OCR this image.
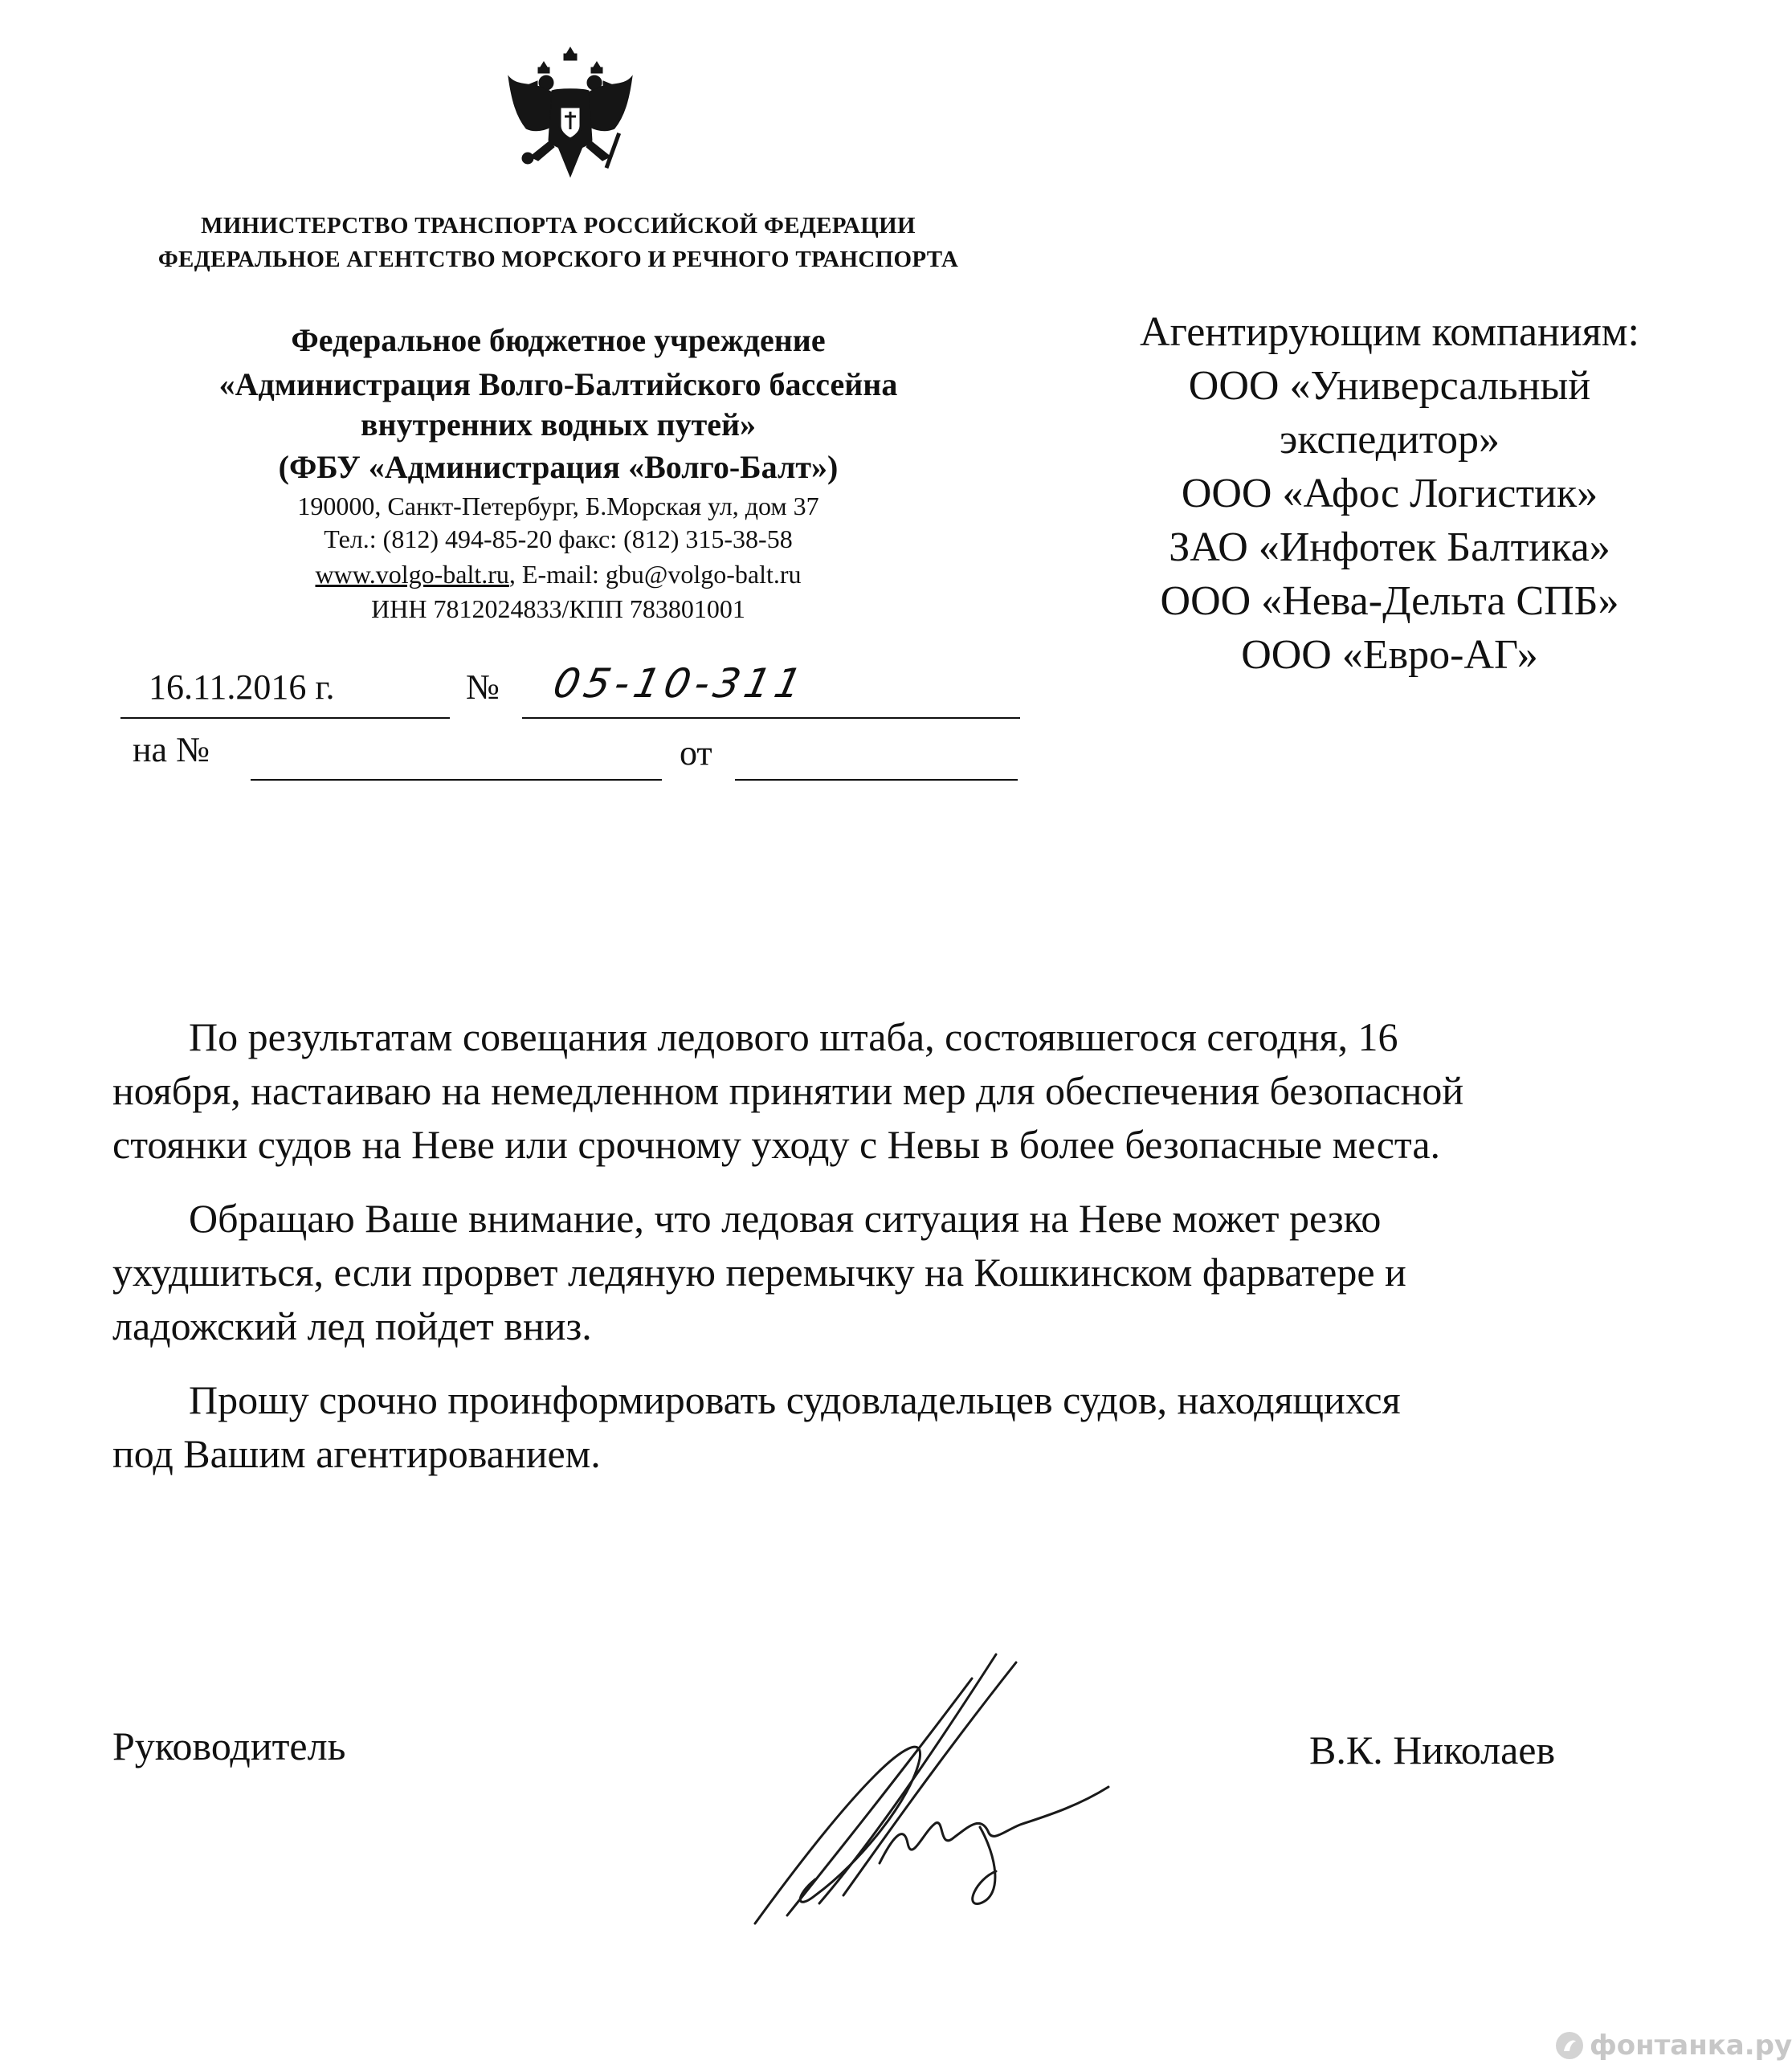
МИНИСТЕРСТВО ТРАНСПОРТА РОССИЙСКОЙ ФЕДЕРАЦИИ
ФЕДЕРАЛЬНОЕ АГЕНТСТВО МОРСКОГО И РЕЧНОГО ТРАНСПОРТА
Федеральное бюджетное учреждение
«Администрация Волго-Балтийского бассейна
внутренних водных путей»
(ФБУ «Администрация «Волго-Балт»)
190000, Санкт-Петербург, Б.Морская ул, дом 37
Тел.: (812) 494-85-20 факс: (812) 315-38-58
www.volgo-balt.ru, E-mail: gbu@volgo-balt.ru
ИНН 7812024833/КПП 783801001
Агентирующим компаниям:
ООО «Универсальный
экспедитор»
ООО «Афос Логистик»
ЗАО «Инфотек Балтика»
ООО «Нева-Дельта СПБ»
ООО «Евро-АГ»
16.11.2016 г.	№ 05-10-311
на №	от
По результатам совещания ледового штаба, состоявшегося сегодня, 16
ноября, настаиваю на немедленном принятии мер для обеспечения безопасной
стоянки судов на Неве или срочному уходу с Невы в более безопасные места.
Обращаю Ваше внимание, что ледовая ситуация на Неве может резко
ухудшиться, если прорвет ледяную перемычку на Кошкинском фарватере и
ладожский лед пойдет вниз.
Прошу срочно проинформировать судовладельцев судов, находящихся
под Вашим агентированием.
Руководитель	В.К. Николаев
фонтанка.ру
